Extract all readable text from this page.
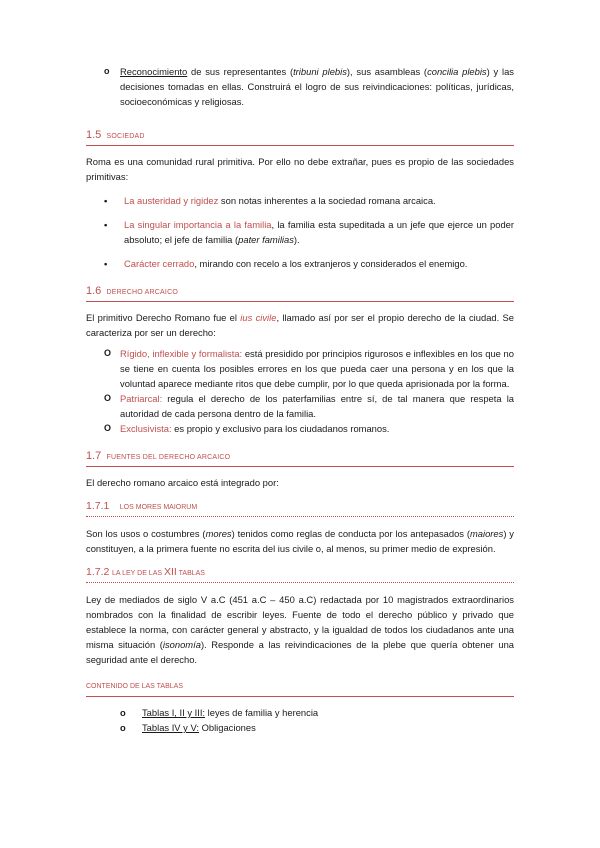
o Reconocimiento de sus representantes (tribuni plebis), sus asambleas (concilia plebis) y las decisiones tomadas en ellas. Construirá el logro de sus reivindicaciones: políticas, jurídicas, socioeconómicas y religiosas.
1.5 SOCIEDAD
Roma es una comunidad rural primitiva. Por ello no debe extrañar, pues es propio de las sociedades primitivas:
• La austeridad y rigidez son notas inherentes a la sociedad romana arcaica.
• La singular importancia a la familia, la familia esta supeditada a un jefe que ejerce un poder absoluto; el jefe de familia (pater familias).
• Carácter cerrado, mirando con recelo a los extranjeros y considerados el enemigo.
1.6 DERECHO ARCAICO
El primitivo Derecho Romano fue el ius civile, llamado así por ser el propio derecho de la ciudad. Se caracteriza por ser un derecho:
O Rígido, inflexible y formalista: está presidido por principios rigurosos e inflexibles en los que no se tiene en cuenta los posibles errores en los que pueda caer una persona y en los que la voluntad aparece mediante ritos que debe cumplir, por lo que queda aprisionada por la forma.
O Patriarcal: regula el derecho de los paterfamilias entre sí, de tal manera que respeta la autoridad de cada persona dentro de la familia.
O Exclusivista: es propio y exclusivo para los ciudadanos romanos.
1.7 FUENTES DEL DERECHO ARCAICO
El derecho romano arcaico está integrado por:
1.7.1 LOS MORES MAIORUM
Son los usos o costumbres (mores) tenidos como reglas de conducta por los antepasados (maiores) y constituyen, a la primera fuente no escrita del ius civile o, al menos, su primer medio de expresión.
1.7.2 LA LEY DE LAS XII TABLAS
Ley de mediados de siglo V a.C (451 a.C – 450 a.C) redactada por 10 magistrados extraordinarios nombrados con la finalidad de escribir leyes. Fuente de todo el derecho público y privado que establece la norma, con carácter general y abstracto, y la igualdad de todos los ciudadanos ante una misma situación (isonomía). Responde a las reivindicaciones de la plebe que quería obtener una seguridad ante el derecho.
CONTENIDO DE LAS TABLAS
o Tablas I, II y III: leyes de familia y herencia
o Tablas IV y V: Obligaciones
